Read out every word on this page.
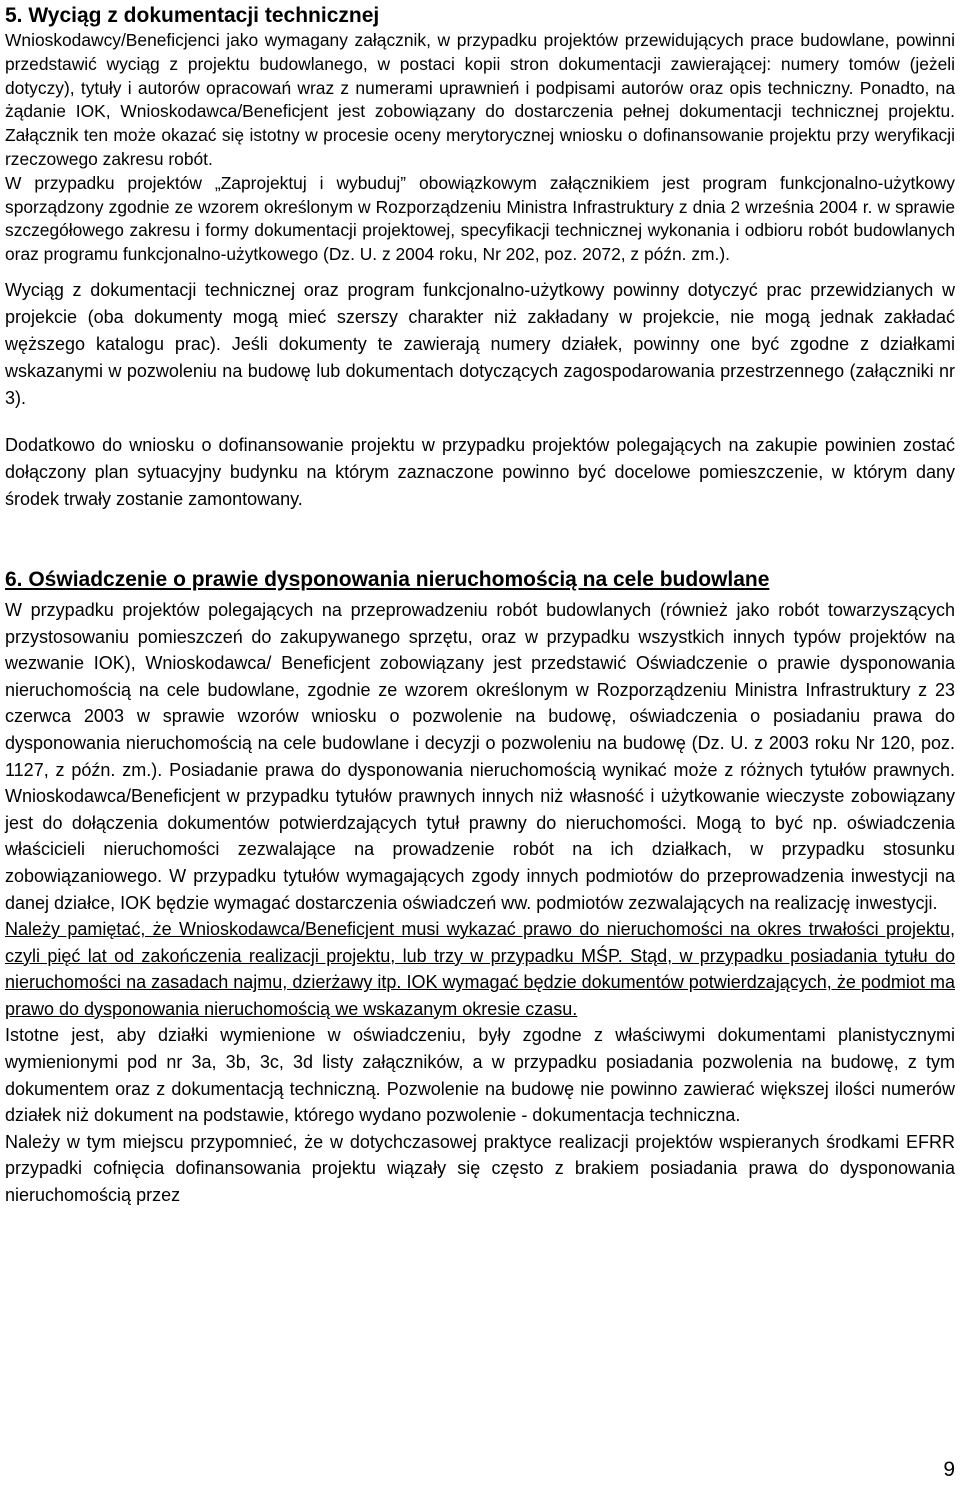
5. Wyciąg z dokumentacji technicznej

Wnioskodawcy/Beneficjenci jako wymagany załącznik, w przypadku projektów przewidujących prace budowlane, powinni przedstawić wyciąg z projektu budowlanego, w postaci kopii stron dokumentacji zawierającej: numery tomów (jeżeli dotyczy), tytuły i autorów opracowań wraz z numerami uprawnień i podpisami autorów oraz opis techniczny. Ponadto, na żądanie IOK, Wnioskodawca/Beneficjent jest zobowiązany do dostarczenia pełnej dokumentacji technicznej projektu. Załącznik ten może okazać się istotny w procesie oceny merytorycznej wniosku o dofinansowanie projektu przy weryfikacji rzeczowego zakresu robót.

W przypadku projektów „Zaprojektuj i wybuduj” obowiązkowym załącznikiem jest program funkcjonalno-użytkowy sporządzony zgodnie ze wzorem określonym w Rozporządzeniu Ministra Infrastruktury z dnia 2 września 2004 r. w sprawie szczegółowego zakresu i formy dokumentacji projektowej, specyfikacji technicznej wykonania i odbioru robót budowlanych oraz programu funkcjonalno-użytkowego (Dz. U. z 2004 roku, Nr 202, poz. 2072, z późn. zm.).

Wyciąg z dokumentacji technicznej oraz program funkcjonalno-użytkowy powinny dotyczyć prac przewidzianych w projekcie (oba dokumenty mogą mieć szerszy charakter niż zakładany w projekcie, nie mogą jednak zakładać węższego katalogu prac). Jeśli dokumenty te zawierają numery działek, powinny one być zgodne z działkami wskazanymi w pozwoleniu na budowę lub dokumentach dotyczących zagospodarowania przestrzennego (załączniki nr 3).

Dodatkowo do wniosku o dofinansowanie projektu w przypadku projektów polegających na zakupie powinien zostać dołączony plan sytuacyjny budynku na którym zaznaczone powinno być docelowe pomieszczenie, w którym dany środek trwały zostanie zamontowany.

6. Oświadczenie o prawie dysponowania nieruchomością na cele budowlane

W przypadku projektów polegających na przeprowadzeniu robót budowlanych (również jako robót towarzyszących przystosowaniu pomieszczeń do zakupywanego sprzętu, oraz w przypadku wszystkich innych typów projektów na wezwanie IOK), Wnioskodawca/ Beneficjent zobowiązany jest przedstawić Oświadczenie o prawie dysponowania nieruchomością na cele budowlane, zgodnie ze wzorem określonym w Rozporządzeniu Ministra Infrastruktury z 23 czerwca 2003 w sprawie wzorów wniosku o pozwolenie na budowę, oświadczenia o posiadaniu prawa do dysponowania nieruchomością na cele budowlane i decyzji o pozwoleniu na budowę (Dz. U. z 2003 roku Nr 120, poz. 1127, z późn. zm.). Posiadanie prawa do dysponowania nieruchomością wynikać może z różnych tytułów prawnych. Wnioskodawca/Beneficjent w przypadku tytułów prawnych innych niż własność i użytkowanie wieczyste zobowiązany jest do dołączenia dokumentów potwierdzających tytuł prawny do nieruchomości. Mogą to być np. oświadczenia właścicieli nieruchomości zezwalające na prowadzenie robót na ich działkach, w przypadku stosunku zobowiązaniowego. W przypadku tytułów wymagających zgody innych podmiotów do przeprowadzenia inwestycji na danej działce, IOK będzie wymagać dostarczenia oświadczeń ww. podmiotów zezwalających na realizację inwestycji.

Należy pamiętać, że Wnioskodawca/Beneficjent musi wykazać prawo do nieruchomości na okres trwałości projektu, czyli pięć lat od zakończenia realizacji projektu, lub trzy w przypadku MŚP. Stąd, w przypadku posiadania tytułu do nieruchomości na zasadach najmu, dzierżawy itp. IOK wymagać będzie dokumentów potwierdzających, że podmiot ma prawo do dysponowania nieruchomością we wskazanym okresie czasu.

Istotne jest, aby działki wymienione w oświadczeniu, były zgodne z właściwymi dokumentami planistycznymi wymienionymi pod nr 3a, 3b, 3c, 3d listy załączników, a w przypadku posiadania pozwolenia na budowę, z tym dokumentem oraz z dokumentacją techniczną. Pozwolenie na budowę nie powinno zawierać większej ilości numerów działek niż dokument na podstawie, którego wydano pozwolenie - dokumentacja techniczna.

Należy w tym miejscu przypomnieć, że w dotychczasowej praktyce realizacji projektów wspieranych środkami EFRR przypadki cofnięcia dofinansowania projektu wiązały się często z brakiem posiadania prawa do dysponowania nieruchomością przez

9
